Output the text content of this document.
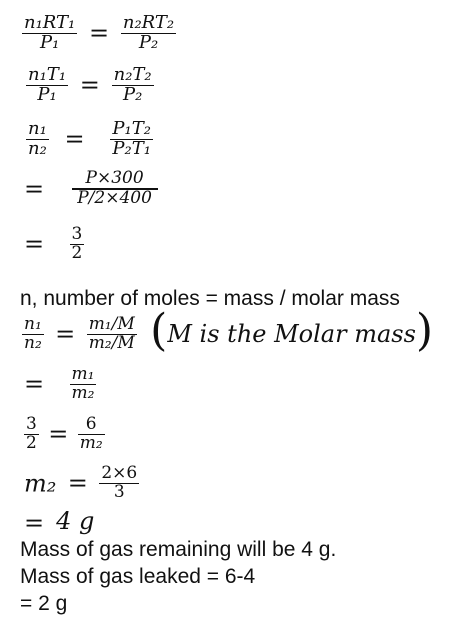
$\frac{\text{n₁RT₁}}{\text{P₁}} = \frac{\text{n₂RT₂}}{\text{P₂}}$
$\frac{\text{n₁T₁}}{\text{P₁}} = \frac{\text{n₂T₂}}{\text{P₂}}$
$\frac{\text{n₁}}{\text{n₂}} = \frac{\text{P₁T₂}}{\text{P₂T₁}}$
= $\frac{P\times 300}{P/2\times 400}$
= $\frac{3}{2}$
n, number of moles = mass / molar mass
$\frac{\text{n₁}}{\text{n₂}} = \frac{\text{m₁/M}}{\text{m₂/M}} (M$ is the Molar mass)
= $\frac{\text{m₁}}{\text{m₂}}$
$\frac{3}{2} = \frac{6}{\text{m₂}}$
$m_2 = \frac{2\times 6}{3}$
= 4 g
Mass of gas remaining will be 4 g.
Mass of gas leaked = 6-4
= 2 g
